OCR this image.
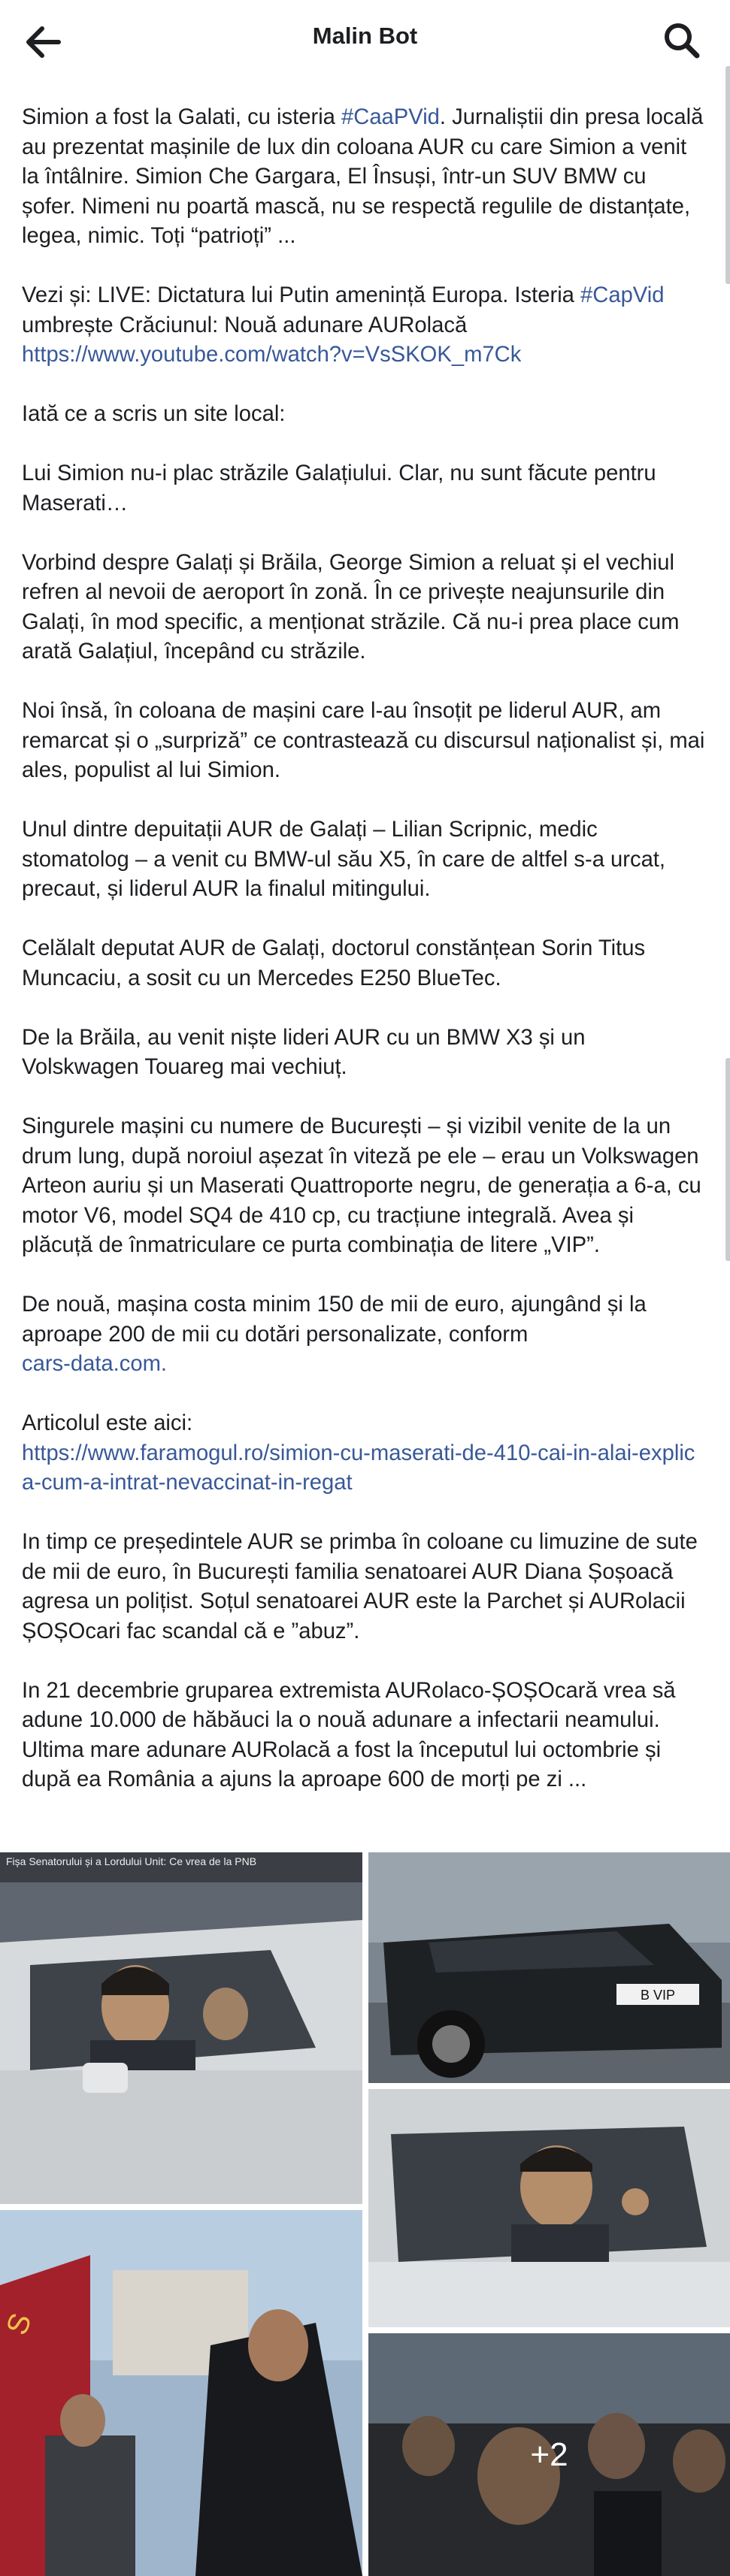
Malin Bot

Simion a fost la Galati, cu isteria #CaaPVid. Jurnaliștii din presa locală au prezentat mașinile de lux din coloana AUR cu care Simion a venit la întâlnire. Simion Che Gargara, El Însuși, într-un SUV BMW cu șofer. Nimeni nu poartă mască, nu se respectă regulile de distanțate, legea, nimic. Toți “patrioți” ...

Vezi și: LIVE: Dictatura lui Putin amenință Europa. Isteria #CapVid umbrește Crăciunul: Nouă adunare AURolacă
https://www.youtube.com/watch?v=VsSKOK_m7Ck

Iată ce a scris un site local:

Lui Simion nu-i plac străzile Galațiului. Clar, nu sunt făcute pentru Maserati…

Vorbind despre Galați și Brăila, George Simion a reluat și el vechiul refren al nevoii de aeroport în zonă. În ce privește neajunsurile din Galați, în mod specific, a menționat străzile. Că nu-i prea place cum arată Galațiul, începând cu străzile.

Noi însă, în coloana de mașini care l-au însoțit pe liderul AUR, am remarcat și o „surpriză” ce contrastează cu discursul naționalist și, mai ales, populist al lui Simion.

Unul dintre depuitații AUR de Galați – Lilian Scripnic, medic stomatolog – a venit cu BMW-ul său X5, în care de altfel s-a urcat, precaut, și liderul AUR la finalul mitingului.

Celălalt deputat AUR de Galați, doctorul constănțean Sorin Titus Muncaciu, a sosit cu un Mercedes E250 BlueTec.

De la Brăila, au venit niște lideri AUR cu un BMW X3 și un Volskwagen Touareg mai vechiuț.

Singurele mașini cu numere de București – și vizibil venite de la un drum lung, după noroiul așezat în viteză pe ele – erau un Volkswagen Arteon auriu și un Maserati Quattroporte negru, de generația a 6-a, cu motor V6, model SQ4 de 410 cp, cu tracțiune integrală. Avea și plăcuță de înmatriculare ce purta combinația de litere „VIP”.

De nouă, mașina costa minim 150 de mii de euro, ajungând și la aproape 200 de mii cu dotări personalizate, conform
cars-data.com.

Articolul este aici:
https://www.faramogul.ro/simion-cu-maserati-de-410-cai-in-alai-explica-cum-a-intrat-nevaccinat-in-regat

In timp ce președintele AUR se primba în coloane cu limuzine de sute de mii de euro, în București familia senatoarei AUR Diana Șoșoacă agresa un polițist. Soțul senatoarei AUR este la Parchet și AURolacii ȘOȘOcari fac scandal că e ”abuz”.

In 21 decembrie gruparea extremista AURolaco-ȘOȘOcară vrea să adune 10.000 de hăbăuci la o nouă adunare a infectarii neamului. Ultima mare adunare AURolacă a fost la începutul lui octombrie și după ea România a ajuns la aproape 600 de morți pe zi ...

Fișa Senatorului și a Lordului Unit: Ce vrea de la PNB
B VIP
S
+2
